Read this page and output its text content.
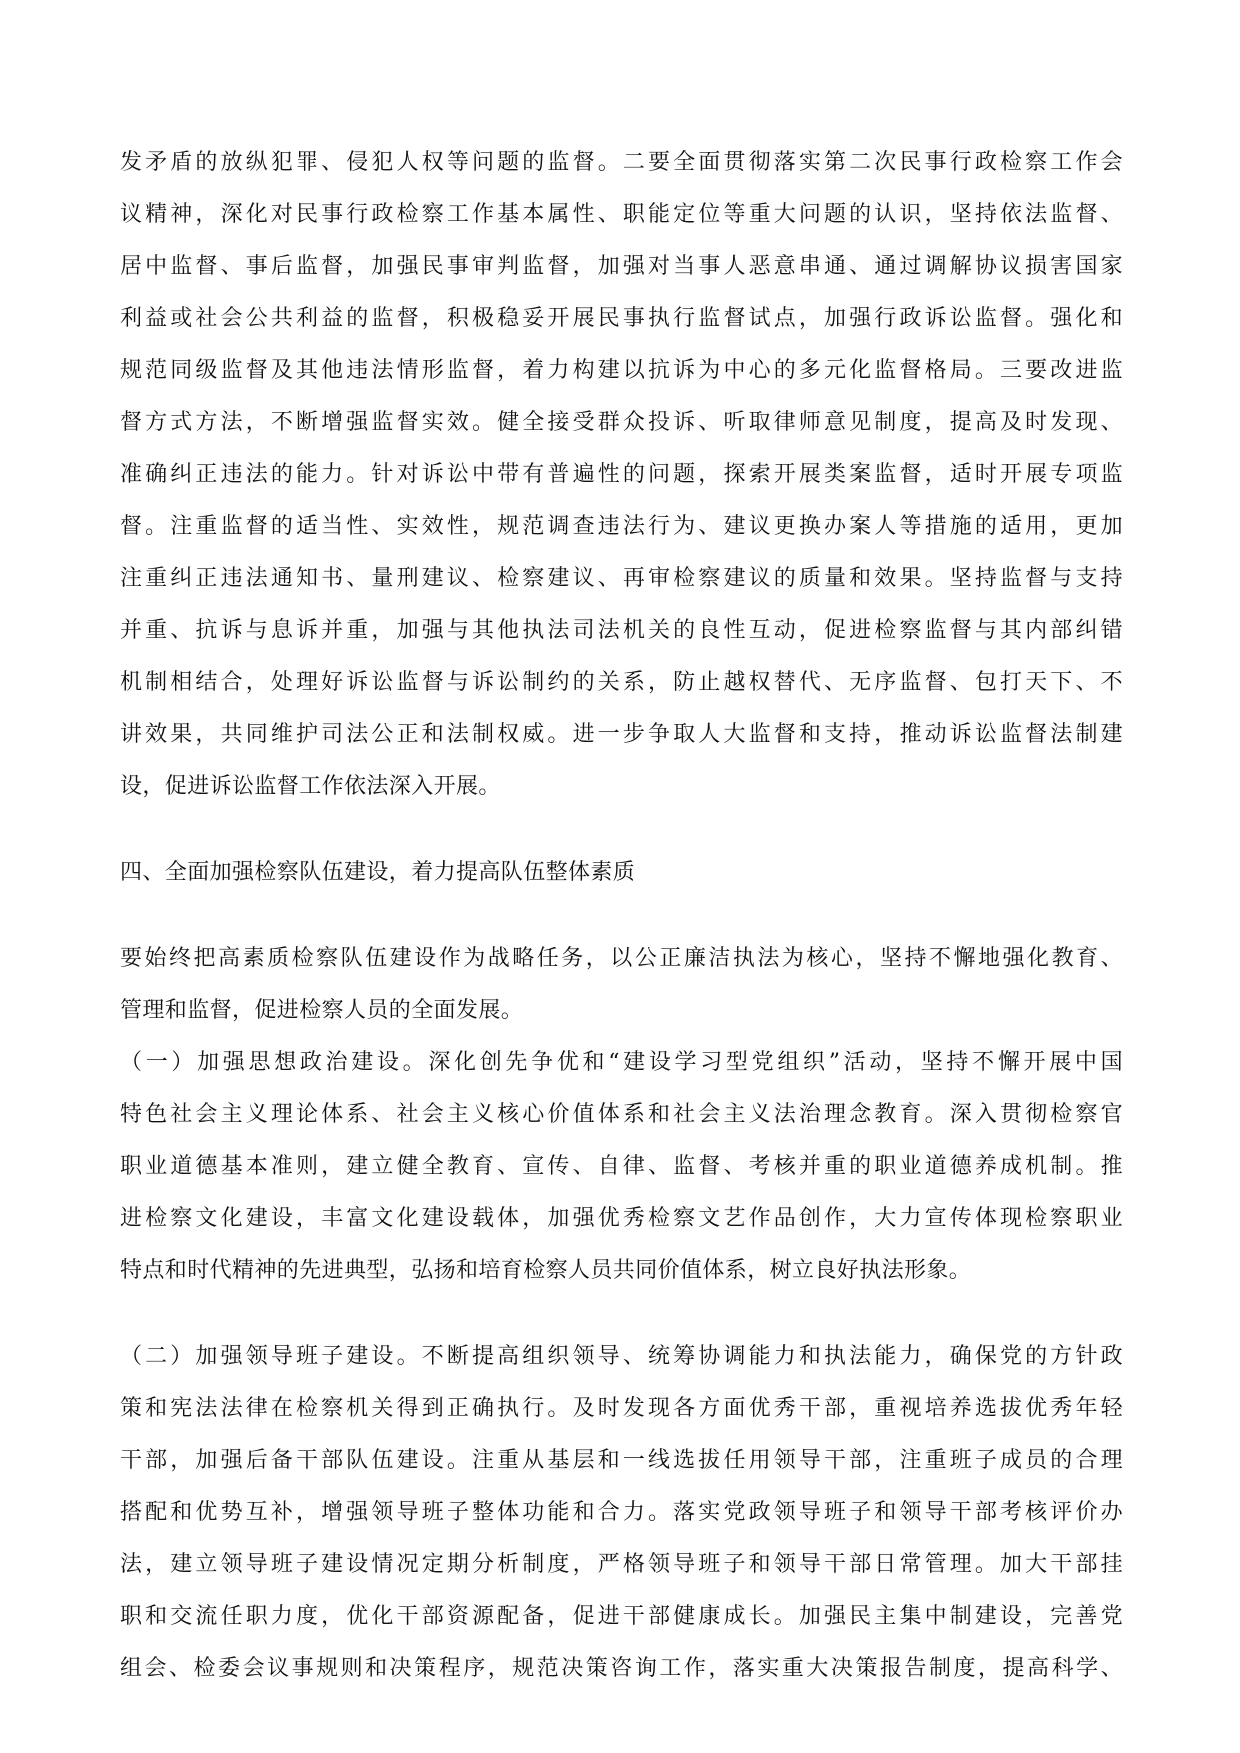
发矛盾的放纵犯罪、侵犯人权等问题的监督。二要全面贯彻落实第二次民事行政检察工作会
议精神，深化对民事行政检察工作基本属性、职能定位等重大问题的认识，坚持依法监督、
居中监督、事后监督，加强民事审判监督，加强对当事人恶意串通、通过调解协议损害国家
利益或社会公共利益的监督，积极稳妥开展民事执行监督试点，加强行政诉讼监督。强化和
规范同级监督及其他违法情形监督，着力构建以抗诉为中心的多元化监督格局。三要改进监
督方式方法，不断增强监督实效。健全接受群众投诉、听取律师意见制度，提高及时发现、
准确纠正违法的能力。针对诉讼中带有普遍性的问题，探索开展类案监督，适时开展专项监
督。注重监督的适当性、实效性，规范调查违法行为、建议更换办案人等措施的适用，更加
注重纠正违法通知书、量刑建议、检察建议、再审检察建议的质量和效果。坚持监督与支持
并重、抗诉与息诉并重，加强与其他执法司法机关的良性互动，促进检察监督与其内部纠错
机制相结合，处理好诉讼监督与诉讼制约的关系，防止越权替代、无序监督、包打天下、不
讲效果，共同维护司法公正和法制权威。进一步争取人大监督和支持，推动诉讼监督法制建
设，促进诉讼监督工作依法深入开展。
四、全面加强检察队伍建设，着力提高队伍整体素质
要始终把高素质检察队伍建设作为战略任务，以公正廉洁执法为核心，坚持不懈地强化教育、
管理和监督，促进检察人员的全面发展。
（一）加强思想政治建设。深化创先争优和“建设学习型党组织”活动，坚持不懈开展中国
特色社会主义理论体系、社会主义核心价值体系和社会主义法治理念教育。深入贯彻检察官
职业道德基本准则，建立健全教育、宣传、自律、监督、考核并重的职业道德养成机制。推
进检察文化建设，丰富文化建设载体，加强优秀检察文艺作品创作，大力宣传体现检察职业
特点和时代精神的先进典型，弘扬和培育检察人员共同价值体系，树立良好执法形象。
（二）加强领导班子建设。不断提高组织领导、统筹协调能力和执法能力，确保党的方针政
策和宪法法律在检察机关得到正确执行。及时发现各方面优秀干部，重视培养选拔优秀年轻
干部，加强后备干部队伍建设。注重从基层和一线选拔任用领导干部，注重班子成员的合理
搭配和优势互补，增强领导班子整体功能和合力。落实党政领导班子和领导干部考核评价办
法，建立领导班子建设情况定期分析制度，严格领导班子和领导干部日常管理。加大干部挂
职和交流任职力度，优化干部资源配备，促进干部健康成长。加强民主集中制建设，完善党
组会、检委会议事规则和决策程序，规范决策咨询工作，落实重大决策报告制度，提高科学、
